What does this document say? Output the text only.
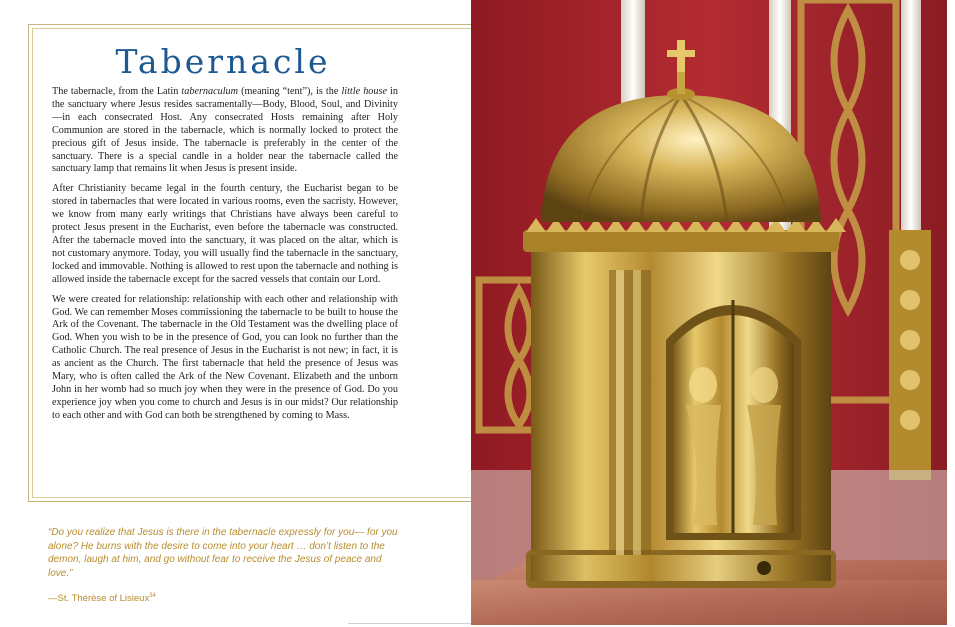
Tabernacle

The tabernacle, from the Latin tabernaculum (meaning “tent”), is the little house in the sanctuary where Jesus resides sacramentally—Body, Blood, Soul, and Divinity—in each consecrated Host. Any consecrated Hosts remaining after Holy Communion are stored in the tabernacle, which is normally locked to protect the precious gift of Jesus inside. The tabernacle is preferably in the center of the sanctuary. There is a special candle in a holder near the tabernacle called the sanctuary lamp that remains lit when Jesus is present inside.

After Christianity became legal in the fourth century, the Eucharist began to be stored in tabernacles that were located in various rooms, even the sacristy. However, we know from many early writings that Christians have always been careful to protect Jesus present in the Eucharist, even before the tabernacle was constructed. After the tabernacle moved into the sanctuary, it was placed on the altar, which is not customary anymore. Today, you will usually find the tabernacle in the sanctuary, locked and immovable. Nothing is allowed to rest upon the tabernacle and nothing is allowed inside the tabernacle except for the sacred vessels that contain our Lord.

We were created for relationship: relationship with each other and relationship with God. We can remember Moses commissioning the tabernacle to be built to house the Ark of the Covenant. The tabernacle in the Old Testament was the dwelling place of God. When you wish to be in the presence of God, you can look no further than the Catholic Church. The real presence of Jesus in the Eucharist is not new; in fact, it is as ancient as the Church. The first tabernacle that held the presence of Jesus was Mary, who is often called the Ark of the New Covenant. Elizabeth and the unborn John in her womb had so much joy when they were in the presence of God. Do you experience joy when you come to church and Jesus is in our midst? Our relationship to each other and with God can both be strengthened by coming to Mass.

“Do you realize that Jesus is there in the tabernacle expressly for you— for you alone? He burns with the desire to come into your heart … don’t listen to the demon, laugh at him, and go without fear to receive the Jesus of peace and love.”
—St. Thérèse of Lisieux$^{34}$
